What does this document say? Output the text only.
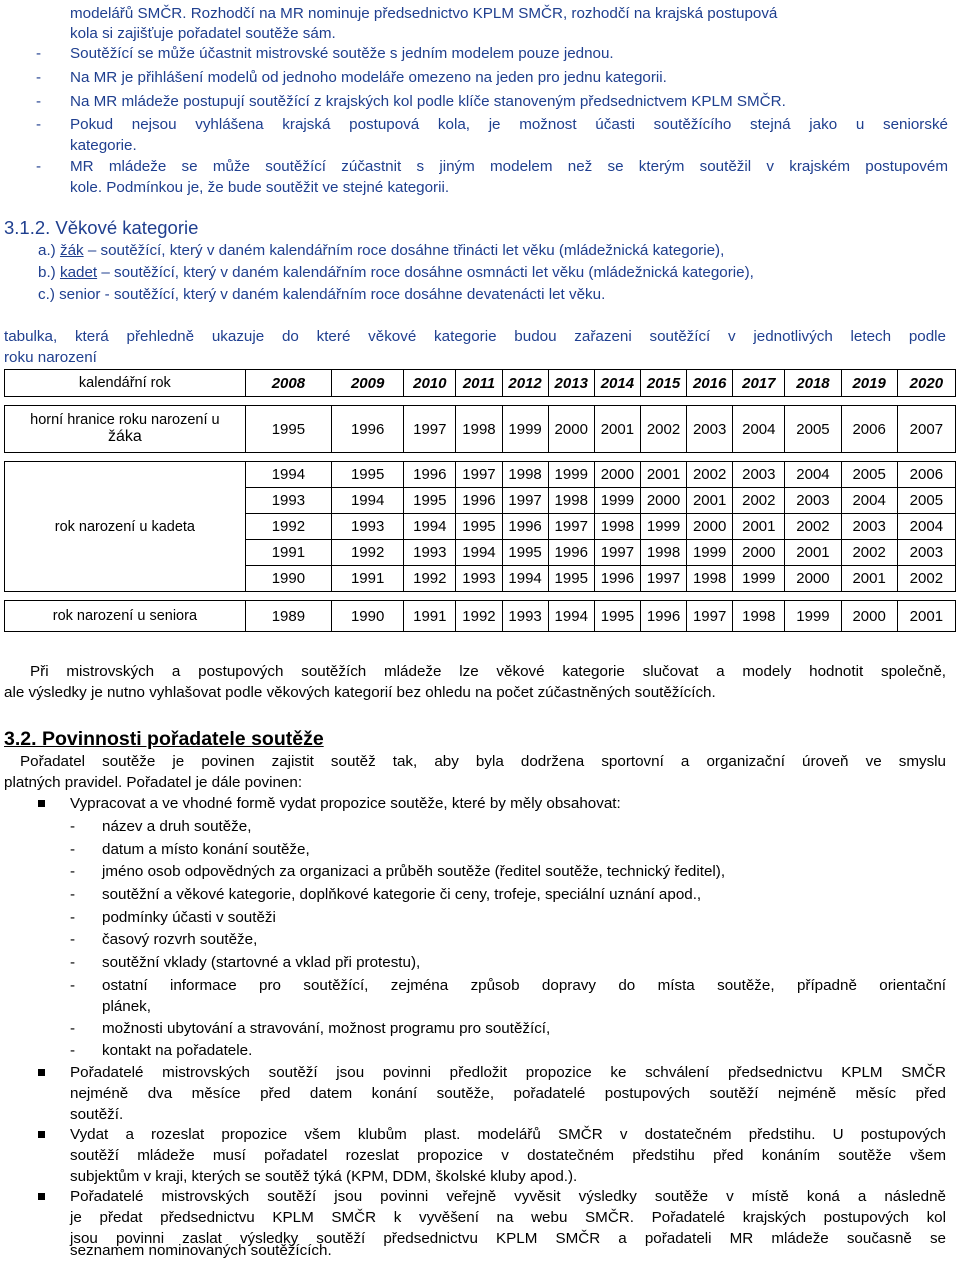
modelářů SMČR. Rozhodčí na MR nominuje předsednictvo KPLM SMČR, rozhodčí na krajská postupová
kola si zajišťuje pořadatel soutěže sám.
- Soutěžící se může účastnit mistrovské soutěže s jedním modelem pouze jednou.
- Na MR je přihlášení modelů od jednoho modeláře omezeno na jeden pro jednu kategorii.
- Na MR mládeže postupují soutěžící z krajských kol podle klíče stanoveným předsednictvem KPLM SMČR.
- Pokud nejsou vyhlášena krajská postupová kola, je možnost účasti soutěžícího stejná jako u seniorské
kategorie.
- MR mládeže se může soutěžící zúčastnit s jiným modelem než se kterým soutěžil v krajském postupovém
kole. Podmínkou je, že bude soutěžit ve stejné kategorii.
3.1.2. Věkové kategorie
a.) žák – soutěžící, který v daném kalendářním roce dosáhne třinácti let věku (mládežnická kategorie),
b.) kadet – soutěžící, který v daném kalendářním roce dosáhne osmnácti let věku (mládežnická kategorie),
c.) senior - soutěžící, který v daném kalendářním roce dosáhne devatenácti let věku.
tabulka, která přehledně ukazuje do které věkové kategorie budou zařazeni soutěžící v jednotlivých letech podle
roku narození
kalendářní rok	2008	2009	2010	2011	2012	2013	2014	2015	2016	2017	2018	2019	2020

horní hranice roku narození u
žáka	1995	1996	1997	1998	1999	2000	2001	2002	2003	2004	2005	2006	2007

rok narození u kadeta	1994	1995	1996	1997	1998	1999	2000	2001	2002	2003	2004	2005	2006
	1993	1994	1995	1996	1997	1998	1999	2000	2001	2002	2003	2004	2005
	1992	1993	1994	1995	1996	1997	1998	1999	2000	2001	2002	2003	2004
	1991	1992	1993	1994	1995	1996	1997	1998	1999	2000	2001	2002	2003
	1990	1991	1992	1993	1994	1995	1996	1997	1998	1999	2000	2001	2002

rok narození u seniora	1989	1990	1991	1992	1993	1994	1995	1996	1997	1998	1999	2000	2001
Při mistrovských a postupových soutěžích mládeže lze věkové kategorie slučovat a modely hodnotit společně,
ale výsledky je nutno vyhlašovat podle věkových kategorií bez ohledu na počet zúčastněných soutěžících.
3.2. Povinnosti pořadatele soutěže
Pořadatel soutěže je povinen zajistit soutěž tak, aby byla dodržena sportovní a organizační úroveň ve smyslu
platných pravidel. Pořadatel je dále povinen:
Vypracovat a ve vhodné formě vydat propozice soutěže, které by měly obsahovat:
- název a druh soutěže,
- datum a místo konání soutěže,
- jméno osob odpovědných za organizaci a průběh soutěže (ředitel soutěže, technický ředitel),
- soutěžní a věkové kategorie, doplňkové kategorie či ceny, trofeje, speciální uznání apod.,
- podmínky účasti v soutěži
- časový rozvrh soutěže,
- soutěžní vklady (startovné a vklad při protestu),
- ostatní informace pro soutěžící, zejména způsob dopravy do místa soutěže, případně orientační
plánek,
- možnosti ubytování a stravování, možnost programu pro soutěžící,
- kontakt na pořadatele.
Pořadatelé mistrovských soutěží jsou povinni předložit propozice ke schválení předsednictvu KPLM SMČR
nejméně dva měsíce před datem konání soutěže, pořadatelé postupových soutěží nejméně měsíc před
soutěží.
Vydat a rozeslat propozice všem klubům plast. modelářů SMČR v dostatečném předstihu. U postupových
soutěží mládeže musí pořadatel rozeslat propozice v dostatečném předstihu před konáním soutěže všem
subjektům v kraji, kterých se soutěž týká (KPM, DDM, školské kluby apod.).
Pořadatelé mistrovských soutěží jsou povinni veřejně vyvěsit výsledky soutěže v místě koná a následně
je předat předsednictvu KPLM SMČR k vyvěšení na webu SMČR. Pořadatelé krajských postupových kol
jsou povinni zaslat výsledky soutěží předsednictvu KPLM SMČR a pořadateli MR mládeže současně se
seznamem nominovaných soutěžících.
